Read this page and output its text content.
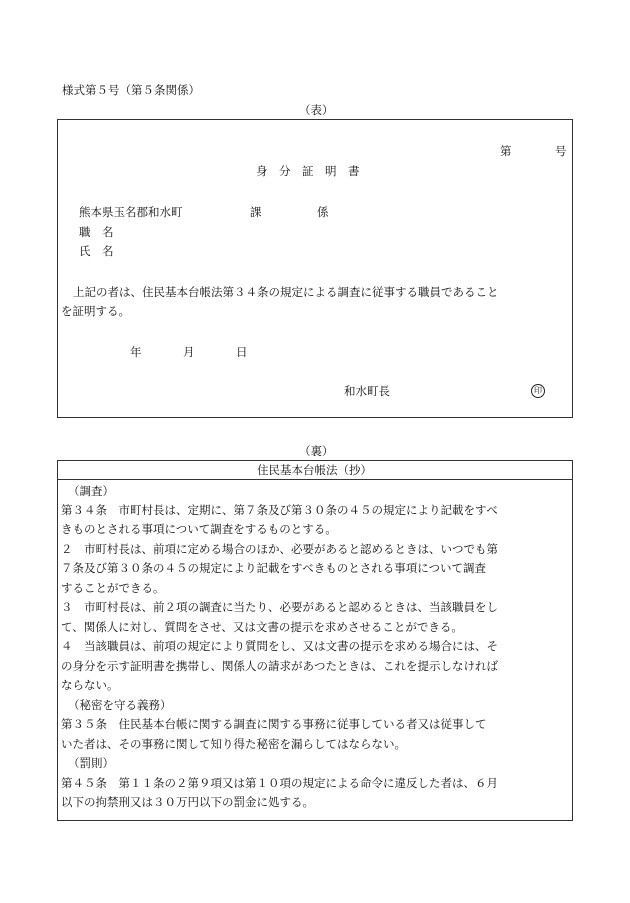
様式第５号（第５条関係）
（表）
第	号
身　分　証　明　書
熊本県玉名郡和水町	課	係
職　名
氏　名
上記の者は、住民基本台帳法第３４条の規定による調査に従事する職員であること
を証明する。
年	月	日
和水町長	印
（裏）
住民基本台帳法（抄）
（調査）
第３４条　市町村長は、定期に、第７条及び第３０条の４５の規定により記載をすべ
きものとされる事項について調査をするものとする。
２　市町村長は、前項に定める場合のほか、必要があると認めるときは、いつでも第
７条及び第３０条の４５の規定により記載をすべきものとされる事項について調査
することができる。
３　市町村長は、前２項の調査に当たり、必要があると認めるときは、当該職員をし
て、関係人に対し、質問をさせ、又は文書の提示を求めさせることができる。
４　当該職員は、前項の規定により質問をし、又は文書の提示を求める場合には、そ
の身分を示す証明書を携帯し、関係人の請求があつたときは、これを提示しなければ
ならない。
（秘密を守る義務）
第３５条　住民基本台帳に関する調査に関する事務に従事している者又は従事して
いた者は、その事務に関して知り得た秘密を漏らしてはならない。
（罰則）
第４５条　第１１条の２第９項又は第１０項の規定による命令に違反した者は、６月
以下の拘禁刑又は３０万円以下の罰金に処する。
